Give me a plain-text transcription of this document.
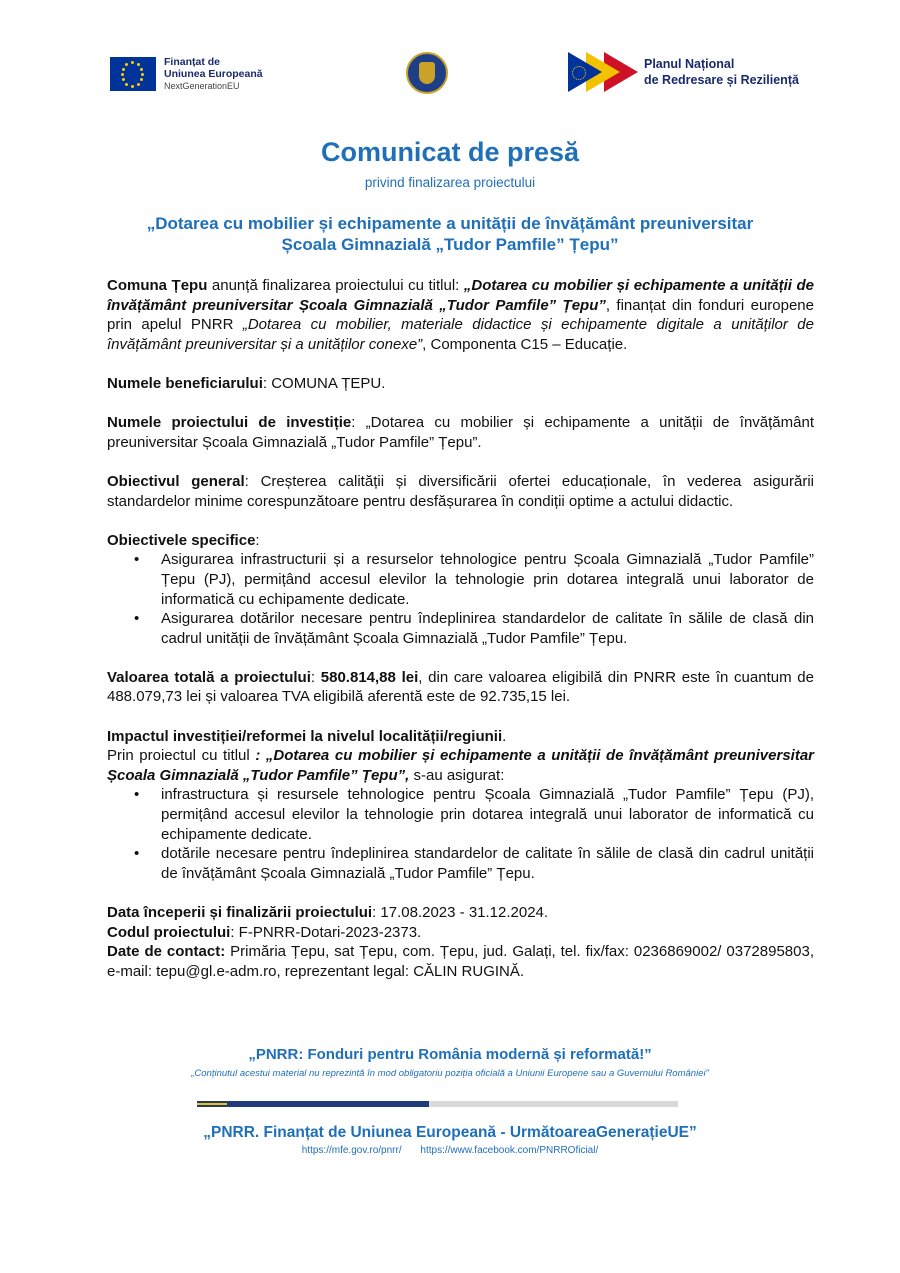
Finanțat de
Uniunea Europeană
NextGenerationEU
Planul Național
de Redresare și Reziliență
Comunicat de presă
privind finalizarea proiectului
„Dotarea cu mobilier și echipamente a unității de învățământ preuniversitar
Școala Gimnazială „Tudor Pamfile” Țepu”

Comuna Țepu anunță finalizarea proiectului cu titlul: „Dotarea cu mobilier și echipamente a unității de învățământ preuniversitar Școala Gimnazială „Tudor Pamfile” Țepu”, finanțat din fonduri europene prin apelul PNRR „Dotarea cu mobilier, materiale didactice și echipamente digitale a unităților de învățământ preuniversitar și a unităților conexe”, Componenta C15 – Educație.

Numele beneficiarului: COMUNA ȚEPU.

Numele proiectului de investiție: „Dotarea cu mobilier și echipamente a unității de învățământ preuniversitar Școala Gimnazială „Tudor Pamfile” Țepu”.

Obiectivul general: Creșterea calității și diversificării ofertei educaționale, în vederea asigurării standardelor minime corespunzătoare pentru desfășurarea în condiții optime a actului didactic.

Obiectivele specifice:

• Asigurarea infrastructurii și a resurselor tehnologice pentru Școala Gimnazială „Tudor Pamfile” Țepu (PJ), permițând accesul elevilor la tehnologie prin dotarea integrală unui laborator de informatică cu echipamente dedicate.
• Asigurarea dotărilor necesare pentru îndeplinirea standardelor de calitate în sălile de clasă din cadrul unității de învățământ Școala Gimnazială „Tudor Pamfile” Țepu.

Valoarea totală a proiectului: 580.814,88 lei, din care valoarea eligibilă din PNRR este în cuantum de 488.079,73 lei și valoarea TVA eligibilă aferentă este de 92.735,15 lei.

Impactul investiției/reformei la nivelul localității/regiunii.

Prin proiectul cu titlul : „Dotarea cu mobilier și echipamente a unității de învățământ preuniversitar Școala Gimnazială „Tudor Pamfile” Țepu”, s-au asigurat:

• infrastructura și resursele tehnologice pentru Școala Gimnazială „Tudor Pamfile” Țepu (PJ), permițând accesul elevilor la tehnologie prin dotarea integrală unui laborator de informatică cu echipamente dedicate.
• dotările necesare pentru îndeplinirea standardelor de calitate în sălile de clasă din cadrul unității de învățământ Școala Gimnazială „Tudor Pamfile” Țepu.

Data începerii și finalizării proiectului: 17.08.2023 - 31.12.2024.

Codul proiectului: F-PNRR-Dotari-2023-2373.

Date de contact: Primăria Țepu, sat Țepu, com. Țepu, jud. Galați, tel. fix/fax: 0236869002/ 0372895803, e-mail: tepu@gl.e-adm.ro, reprezentant legal: CĂLIN RUGINĂ.

„PNRR: Fonduri pentru România modernă și reformată!”
„Conținutul acestui material nu reprezintă în mod obligatoriu poziția oficială a Uniunii Europene sau a Guvernului României”
„PNRR. Finanțat de Uniunea Europeană - UrmătoareaGenerațieUE”
https://mfe.gov.ro/pnrr/ https://www.facebook.com/PNRROficial/
